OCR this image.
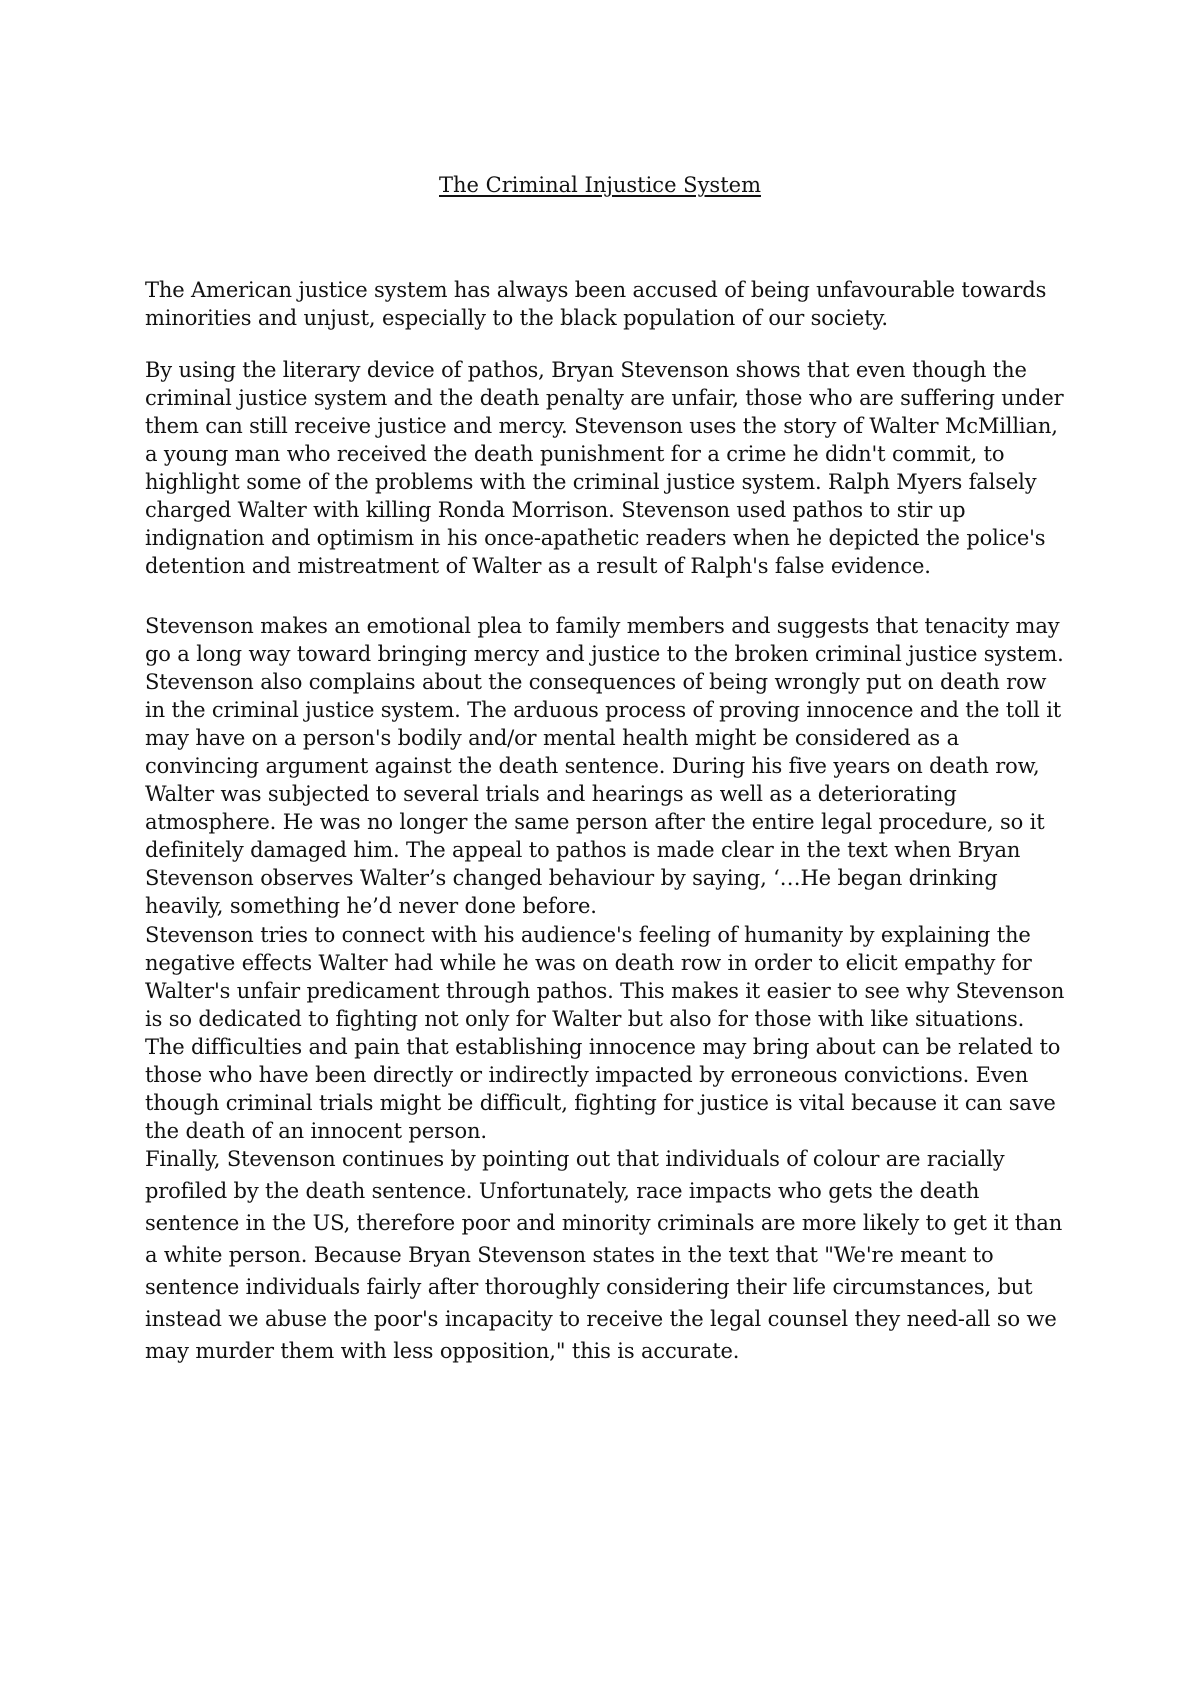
The Criminal Injustice System

The American justice system has always been accused of being unfavourable towards minorities and unjust, especially to the black population of our society.

By using the literary device of pathos, Bryan Stevenson shows that even though the criminal justice system and the death penalty are unfair, those who are suffering under them can still receive justice and mercy. Stevenson uses the story of Walter McMillian, a young man who received the death punishment for a crime he didn't commit, to highlight some of the problems with the criminal justice system. Ralph Myers falsely charged Walter with killing Ronda Morrison. Stevenson used pathos to stir up indignation and optimism in his once-apathetic readers when he depicted the police's detention and mistreatment of Walter as a result of Ralph's false evidence.

Stevenson makes an emotional plea to family members and suggests that tenacity may go a long way toward bringing mercy and justice to the broken criminal justice system. Stevenson also complains about the consequences of being wrongly put on death row in the criminal justice system. The arduous process of proving innocence and the toll it may have on a person's bodily and/or mental health might be considered as a convincing argument against the death sentence. During his five years on death row, Walter was subjected to several trials and hearings as well as a deteriorating atmosphere. He was no longer the same person after the entire legal procedure, so it definitely damaged him. The appeal to pathos is made clear in the text when Bryan Stevenson observes Walter’s changed behaviour by saying, ‘…He began drinking heavily, something he’d never done before.

Stevenson tries to connect with his audience's feeling of humanity by explaining the negative effects Walter had while he was on death row in order to elicit empathy for Walter's unfair predicament through pathos. This makes it easier to see why Stevenson is so dedicated to fighting not only for Walter but also for those with like situations. The difficulties and pain that establishing innocence may bring about can be related to those who have been directly or indirectly impacted by erroneous convictions. Even though criminal trials might be difficult, fighting for justice is vital because it can save the death of an innocent person.

Finally, Stevenson continues by pointing out that individuals of colour are racially profiled by the death sentence. Unfortunately, race impacts who gets the death sentence in the US, therefore poor and minority criminals are more likely to get it than a white person. Because Bryan Stevenson states in the text that "We're meant to sentence individuals fairly after thoroughly considering their life circumstances, but instead we abuse the poor's incapacity to receive the legal counsel they need-all so we may murder them with less opposition," this is accurate.
